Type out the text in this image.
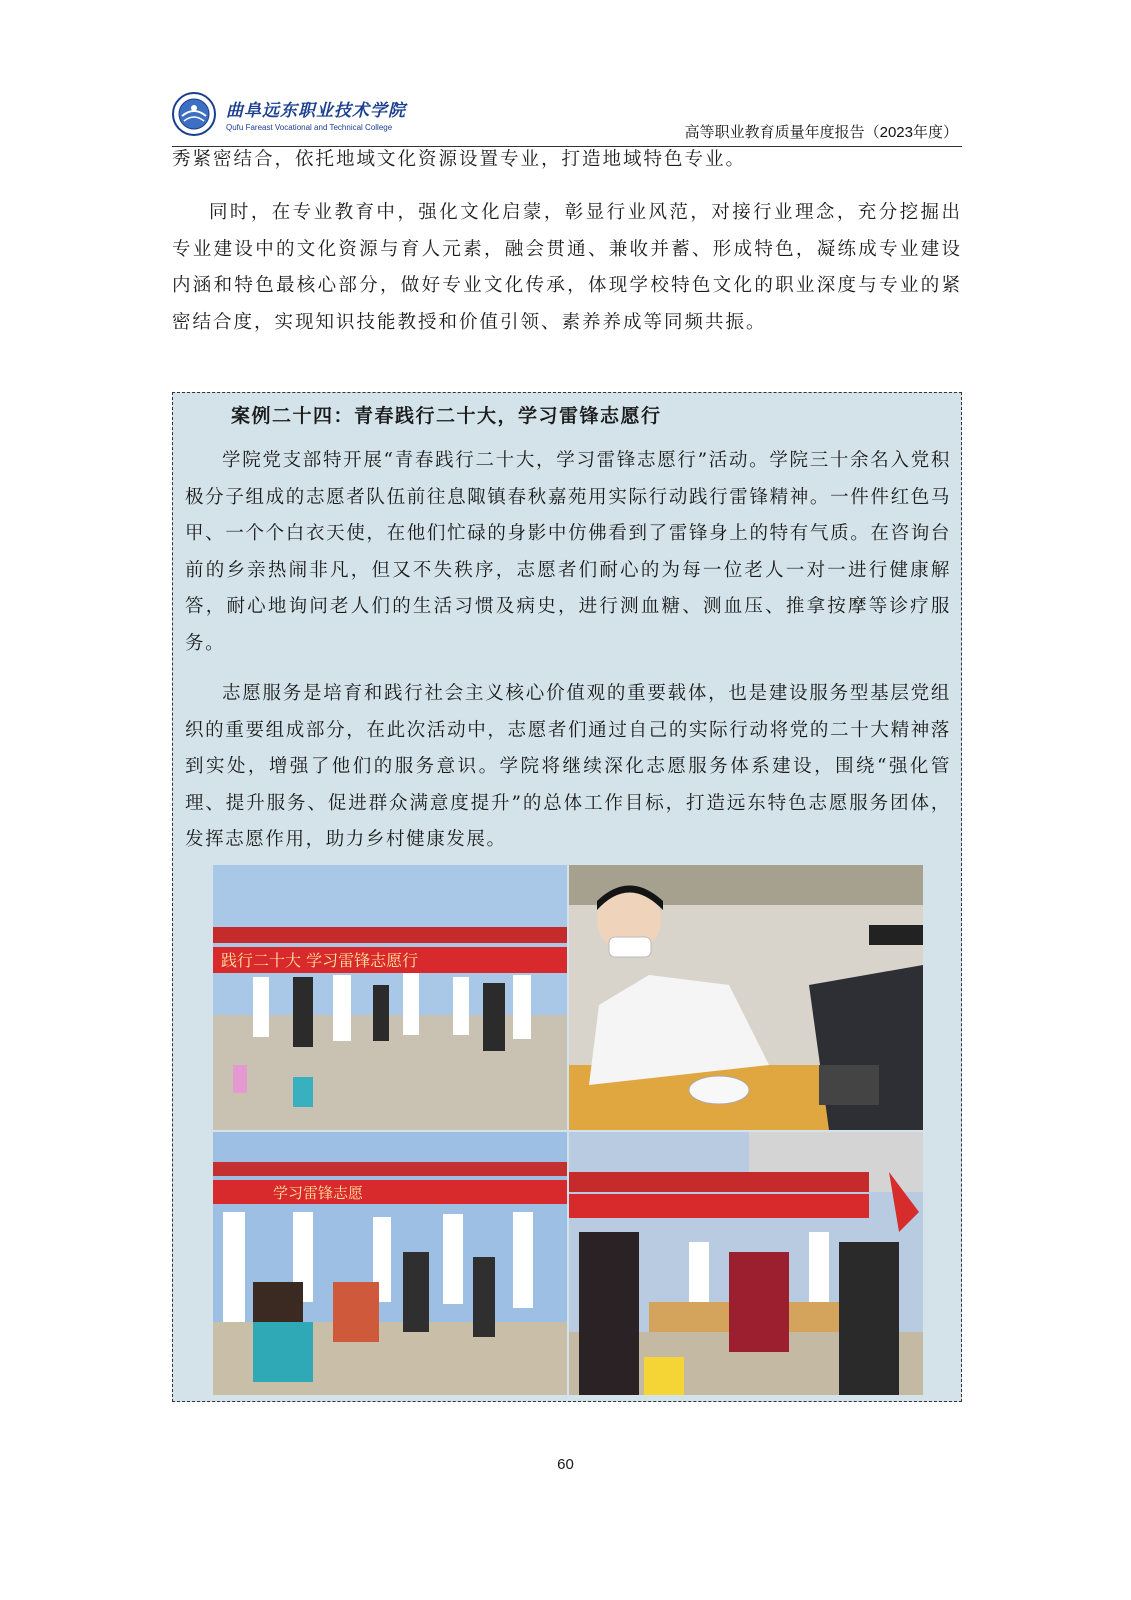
曲阜远东职业技术学院
Qufu Fareast Vocational and Technical College	高等职业教育质量年度报告（2023年度）

秀紧密结合，依托地域文化资源设置专业，打造地域特色专业。

同时，在专业教育中，强化文化启蒙，彰显行业风范，对接行业理念，充分挖掘出专业建设中的文化资源与育人元素，融会贯通、兼收并蓄、形成特色，凝练成专业建设内涵和特色最核心部分，做好专业文化传承，体现学校特色文化的职业深度与专业的紧密结合度，实现知识技能教授和价值引领、素养养成等同频共振。

案例二十四：青春践行二十大，学习雷锋志愿行

学院党支部特开展“青春践行二十大，学习雷锋志愿行”活动。学院三十余名入党积极分子组成的志愿者队伍前往息陬镇春秋嘉苑用实际行动践行雷锋精神。一件件红色马甲、一个个白衣天使，在他们忙碌的身影中仿佛看到了雷锋身上的特有气质。在咨询台前的乡亲热闹非凡，但又不失秩序，志愿者们耐心的为每一位老人一对一进行健康解答，耐心地询问老人们的生活习惯及病史，进行测血糖、测血压、推拿按摩等诊疗服务。

志愿服务是培育和践行社会主义核心价值观的重要载体，也是建设服务型基层党组织的重要组成部分，在此次活动中，志愿者们通过自己的实际行动将党的二十大精神落到实处，增强了他们的服务意识。学院将继续深化志愿服务体系建设，围绕“强化管理、提升服务、促进群众满意度提升”的总体工作目标，打造远东特色志愿服务团体，发挥志愿作用，助力乡村健康发展。

践行二十大 学习雷锋志愿行
学习雷锋志愿
60
